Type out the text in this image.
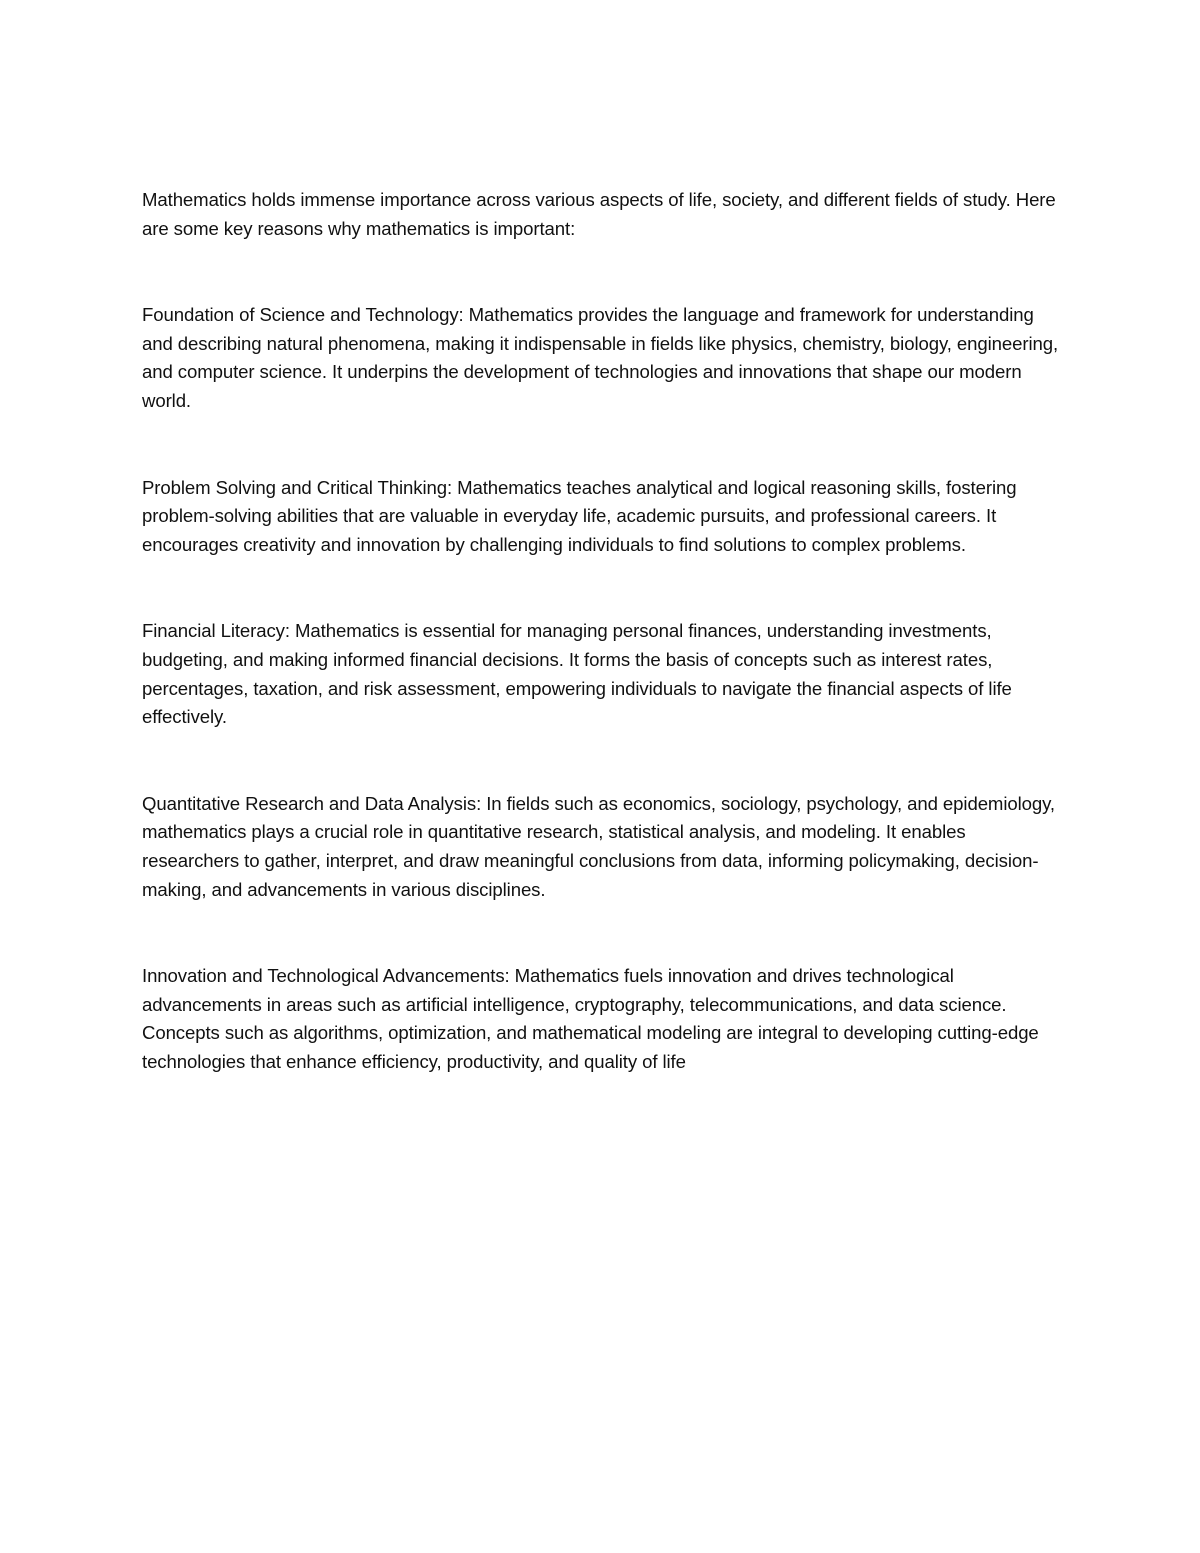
Mathematics holds immense importance across various aspects of life, society, and different fields of study. Here are some key reasons why mathematics is important:

Foundation of Science and Technology: Mathematics provides the language and framework for understanding and describing natural phenomena, making it indispensable in fields like physics, chemistry, biology, engineering, and computer science. It underpins the development of technologies and innovations that shape our modern world.

Problem Solving and Critical Thinking: Mathematics teaches analytical and logical reasoning skills, fostering problem-solving abilities that are valuable in everyday life, academic pursuits, and professional careers. It encourages creativity and innovation by challenging individuals to find solutions to complex problems.

Financial Literacy: Mathematics is essential for managing personal finances, understanding investments, budgeting, and making informed financial decisions. It forms the basis of concepts such as interest rates, percentages, taxation, and risk assessment, empowering individuals to navigate the financial aspects of life effectively.

Quantitative Research and Data Analysis: In fields such as economics, sociology, psychology, and epidemiology, mathematics plays a crucial role in quantitative research, statistical analysis, and modeling. It enables researchers to gather, interpret, and draw meaningful conclusions from data, informing policymaking, decision-making, and advancements in various disciplines.

Innovation and Technological Advancements: Mathematics fuels innovation and drives technological advancements in areas such as artificial intelligence, cryptography, telecommunications, and data science. Concepts such as algorithms, optimization, and mathematical modeling are integral to developing cutting-edge technologies that enhance efficiency, productivity, and quality of life
